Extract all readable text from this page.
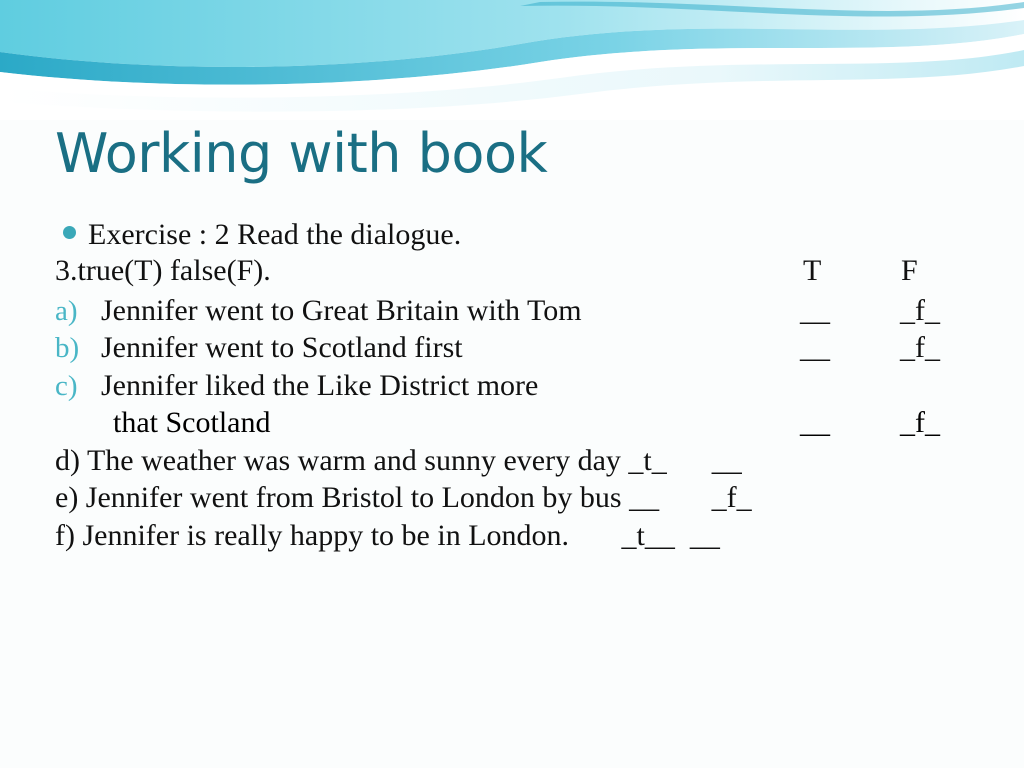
Working with book
Exercise : 2 Read the dialogue.
3.true(T) false(F).	T	F
a) Jennifer went to Great Britain with Tom	__ _f_
b) Jennifer went to Scotland first	__ _f_
c) Jennifer liked the Like District more
that Scotland	__ _f_
d) The weather was warm and sunny every day _t_      __
e) Jennifer went from Bristol to London by bus __       _f_
f) Jennifer is really happy to be in London.       _t__  __
